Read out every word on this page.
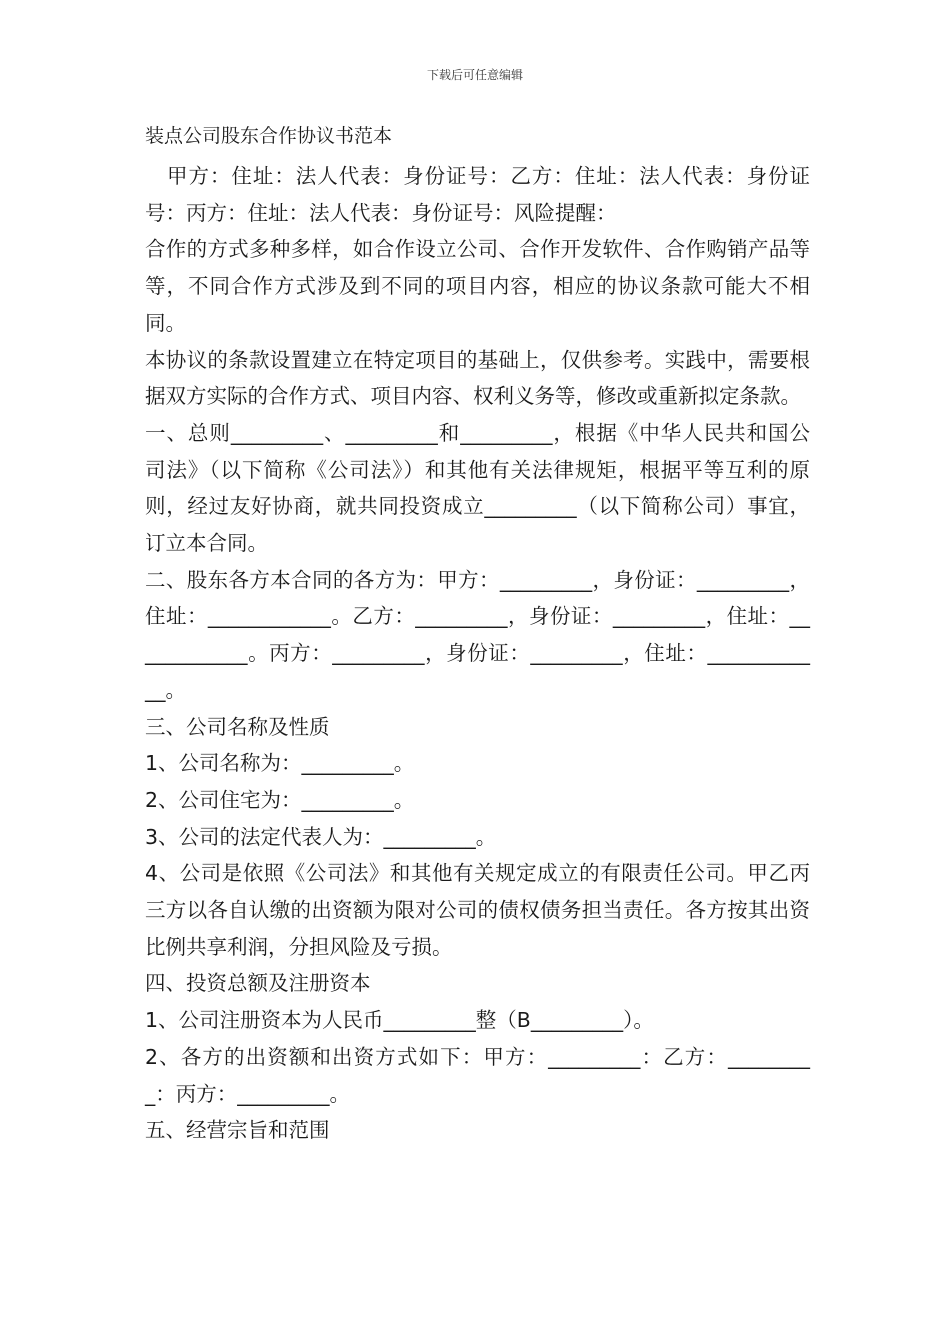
下载后可任意编辑
装点公司股东合作协议书范本

甲方：住址：法人代表：身份证号：乙方：住址：法人代表：身份证号：丙方：住址：法人代表：身份证号：风险提醒：

合作的方式多种多样，如合作设立公司、合作开发软件、合作购销产品等等，不同合作方式涉及到不同的项目内容，相应的协议条款可能大不相同。

本协议的条款设置建立在特定项目的基础上，仅供参考。实践中，需要根据双方实际的合作方式、项目内容、权利义务等，修改或重新拟定条款。

一、总则_________、_________和_________，根据《中华人民共和国公司法》（以下简称《公司法》）和其他有关法律规矩，根据平等互利的原则，经过友好协商，就共同投资成立_________（以下简称公司）事宜，订立本合同。

二、股东各方本合同的各方为：甲方：_________，身份证：_________，住址：____________。乙方：_________，身份证：_________，住址：____________。丙方：_________，身份证：_________，住址：____________。

三、公司名称及性质

1、公司名称为：_________。

2、公司住宅为：_________。

3、公司的法定代表人为：_________。

4、公司是依照《公司法》和其他有关规定成立的有限责任公司。甲乙丙三方以各自认缴的出资额为限对公司的债权债务担当责任。各方按其出资比例共享利润，分担风险及亏损。

四、投资总额及注册资本

1、公司注册资本为人民币_________整（B_________）。

2、各方的出资额和出资方式如下：甲方：_________：乙方：_________：丙方：_________。

五、经营宗旨和范围
